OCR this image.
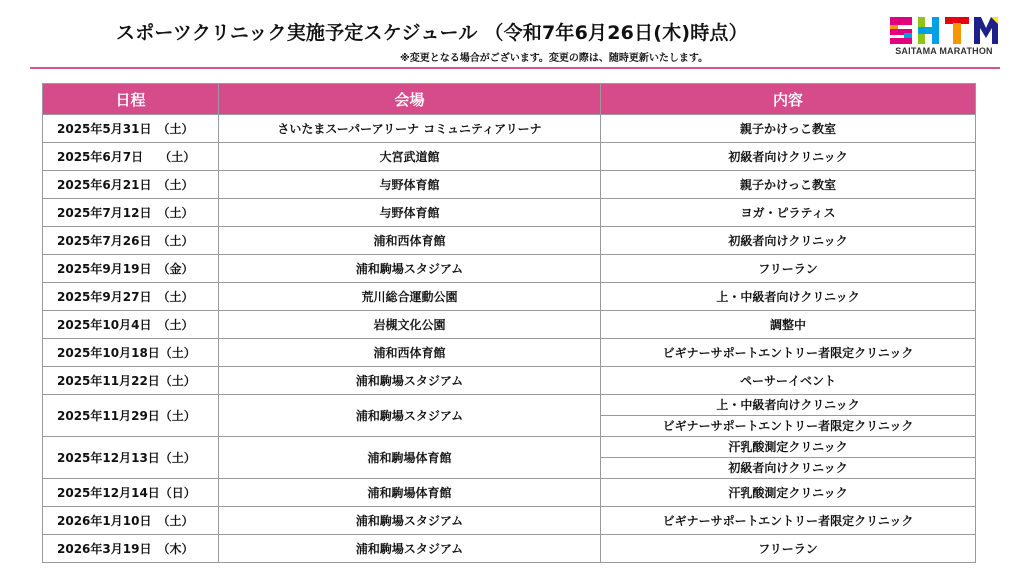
スポーツクリニック実施予定スケジュール （令和7年6月26日(木)時点）
※変更となる場合がございます。変更の際は、随時更新いたします。
SAITAMA MARATHON
日程	会場	内容
2025年5月31日　（土）	さいたまスーパーアリーナ コミュニティアリーナ	親子かけっこ教室
2025年6月7日　 （土）	大宮武道館	初級者向けクリニック
2025年6月21日　（土）	与野体育館	親子かけっこ教室
2025年7月12日　（土）	与野体育館	ヨガ・ピラティス
2025年7月26日　（土）	浦和西体育館	初級者向けクリニック
2025年9月19日　（金）	浦和駒場スタジアム	フリーラン
2025年9月27日　（土）	荒川総合運動公園	上・中級者向けクリニック
2025年10月4日　（土）	岩槻文化公園	調整中
2025年10月18日（土）	浦和西体育館	ビギナーサポートエントリー者限定クリニック
2025年11月22日（土）	浦和駒場スタジアム	ペーサーイベント
2025年11月29日（土）	浦和駒場スタジアム	上・中級者向けクリニック
		ビギナーサポートエントリー者限定クリニック
2025年12月13日（土）	浦和駒場体育館	汗乳酸測定クリニック
		初級者向けクリニック
2025年12月14日（日）	浦和駒場体育館	汗乳酸測定クリニック
2026年1月10日　（土）	浦和駒場スタジアム	ビギナーサポートエントリー者限定クリニック
2026年3月19日　（木）	浦和駒場スタジアム	フリーラン
